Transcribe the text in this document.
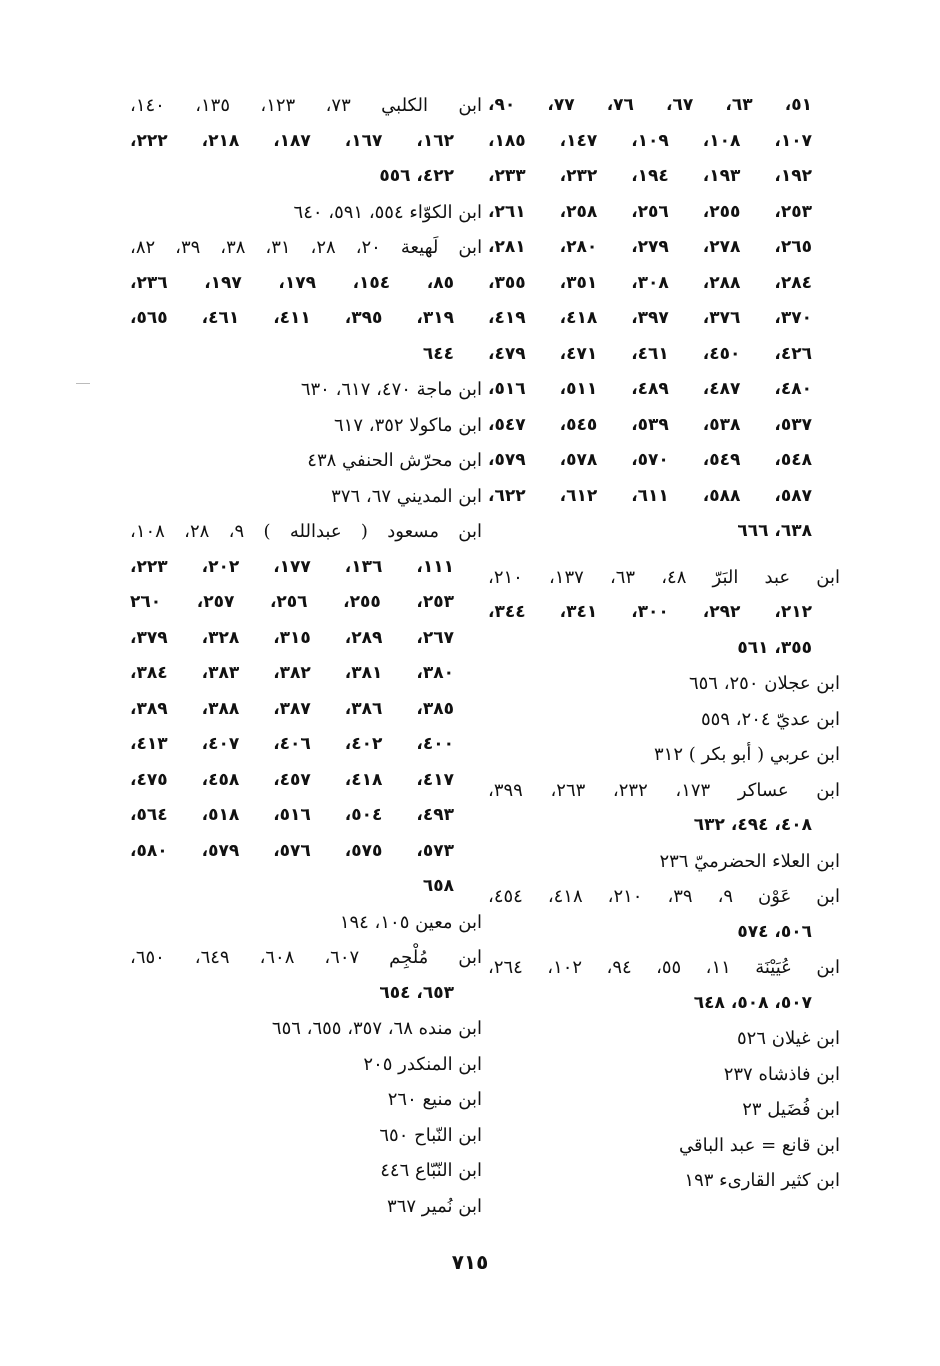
٥١، ٦٣، ٦٧، ٧٦، ٧٧، ٩٠،
١٠٧، ١٠٨، ١٠٩، ١٤٧، ١٨٥،
١٩٢، ١٩٣، ١٩٤، ٢٣٢، ٢٣٣،
٢٥٣، ٢٥٥، ٢٥٦، ٢٥٨، ٢٦١،
٢٦٥، ٢٧٨، ٢٧٩، ٢٨٠، ٢٨١،
٢٨٤، ٢٨٨، ٣٠٨، ٣٥١، ٣٥٥،
٣٧٠، ٣٧٦، ٣٩٧، ٤١٨، ٤١٩،
٤٢٦، ٤٥٠، ٤٦١، ٤٧١، ٤٧٩،
٤٨٠، ٤٨٧، ٤٨٩، ٥١١، ٥١٦،
٥٣٧، ٥٣٨، ٥٣٩، ٥٤٥، ٥٤٧،
٥٤٨، ٥٤٩، ٥٧٠، ٥٧٨، ٥٧٩،
٥٨٧، ٥٨٨، ٦١١، ٦١٢، ٦٢٢،
٦٣٨، ٦٦٦
ابن عبد البَرّ ٤٨، ٦٣، ١٣٧، ٢١٠،
٢١٢، ٢٩٢، ٣٠٠، ٣٤١، ٣٤٤،
٣٥٥، ٥٦١
ابن عجلان ٢٥٠، ٦٥٦
ابن عديّ ٢٠٤، ٥٥٩
ابن عربي ( أبو بكر ) ٣١٢
ابن عساكر ١٧٣، ٢٣٢، ٢٦٣، ٣٩٩،
٤٠٨، ٤٩٤، ٦٣٢
ابن العلاء الحضرميّ ٢٣٦
ابن عَوْن ٩، ٣٩، ٢١٠، ٤١٨، ٤٥٤،
٥٠٦، ٥٧٤
ابن عُيَيْنَة ١١، ٥٥، ٩٤، ١٠٢، ٢٦٤،
٥٠٧، ٥٠٨، ٦٤٨
ابن غيلان ٥٢٦
ابن فاذشاه ٢٣٧
ابن فُضَيل ٢٣
ابن قانع = عبد الباقي
ابن كثير القارىء ١٩٣
ابن الكلبي ٧٣، ١٢٣، ١٣٥، ١٤٠،
١٦٢، ١٦٧، ١٨٧، ٢١٨، ٢٢٢،
٤٢٢، ٥٥٦
ابن الكوّاء ٥٥٤، ٥٩١، ٦٤٠
ابن لَهيعة ٢٠، ٢٨، ٣١، ٣٨، ٣٩، ٨٢،
٨٥، ١٥٤، ١٧٩، ١٩٧، ٢٣٦،
٣١٩، ٣٩٥، ٤١١، ٤٦١، ٥٦٥،
٦٤٤
ابن ماجة ٤٧٠، ٦١٧، ٦٣٠
ابن ماكولا ٣٥٢، ٦١٧
ابن محرّش الحنفي ٤٣٨
ابن المديني ٦٧، ٣٧٦
ابن مسعود ( عبدالله ) ٩، ٢٨، ١٠٨،
١١١، ١٣٦، ١٧٧، ٢٠٢، ٢٢٣،
٢٥٣، ٢٥٥، ٢٥٦، ٢٥٧، ٢٦٠
٢٦٧، ٢٨٩، ٣١٥، ٣٢٨، ٣٧٩،
٣٨٠، ٣٨١، ٣٨٢، ٣٨٣، ٣٨٤،
٣٨٥، ٣٨٦، ٣٨٧، ٣٨٨، ٣٨٩،
٤٠٠، ٤٠٢، ٤٠٦، ٤٠٧، ٤١٣،
٤١٧، ٤١٨، ٤٥٧، ٤٥٨، ٤٧٥،
٤٩٣، ٥٠٤، ٥١٦، ٥١٨، ٥٦٤،
٥٧٣، ٥٧٥، ٥٧٦، ٥٧٩، ٥٨٠،
٦٥٨
ابن معين ١٠٥، ١٩٤
ابن مُلْجِم ٦٠٧، ٦٠٨، ٦٤٩، ٦٥٠،
٦٥٣، ٦٥٤
ابن منده ٦٨، ٣٥٧، ٦٥٥، ٦٥٦
ابن المنكدر ٢٠٥
ابن منيع ٢٦٠
ابن النّباح ٦٥٠
ابن النّبّاع ٤٤٦
ابن نُمير ٣٦٧
٧١٥
